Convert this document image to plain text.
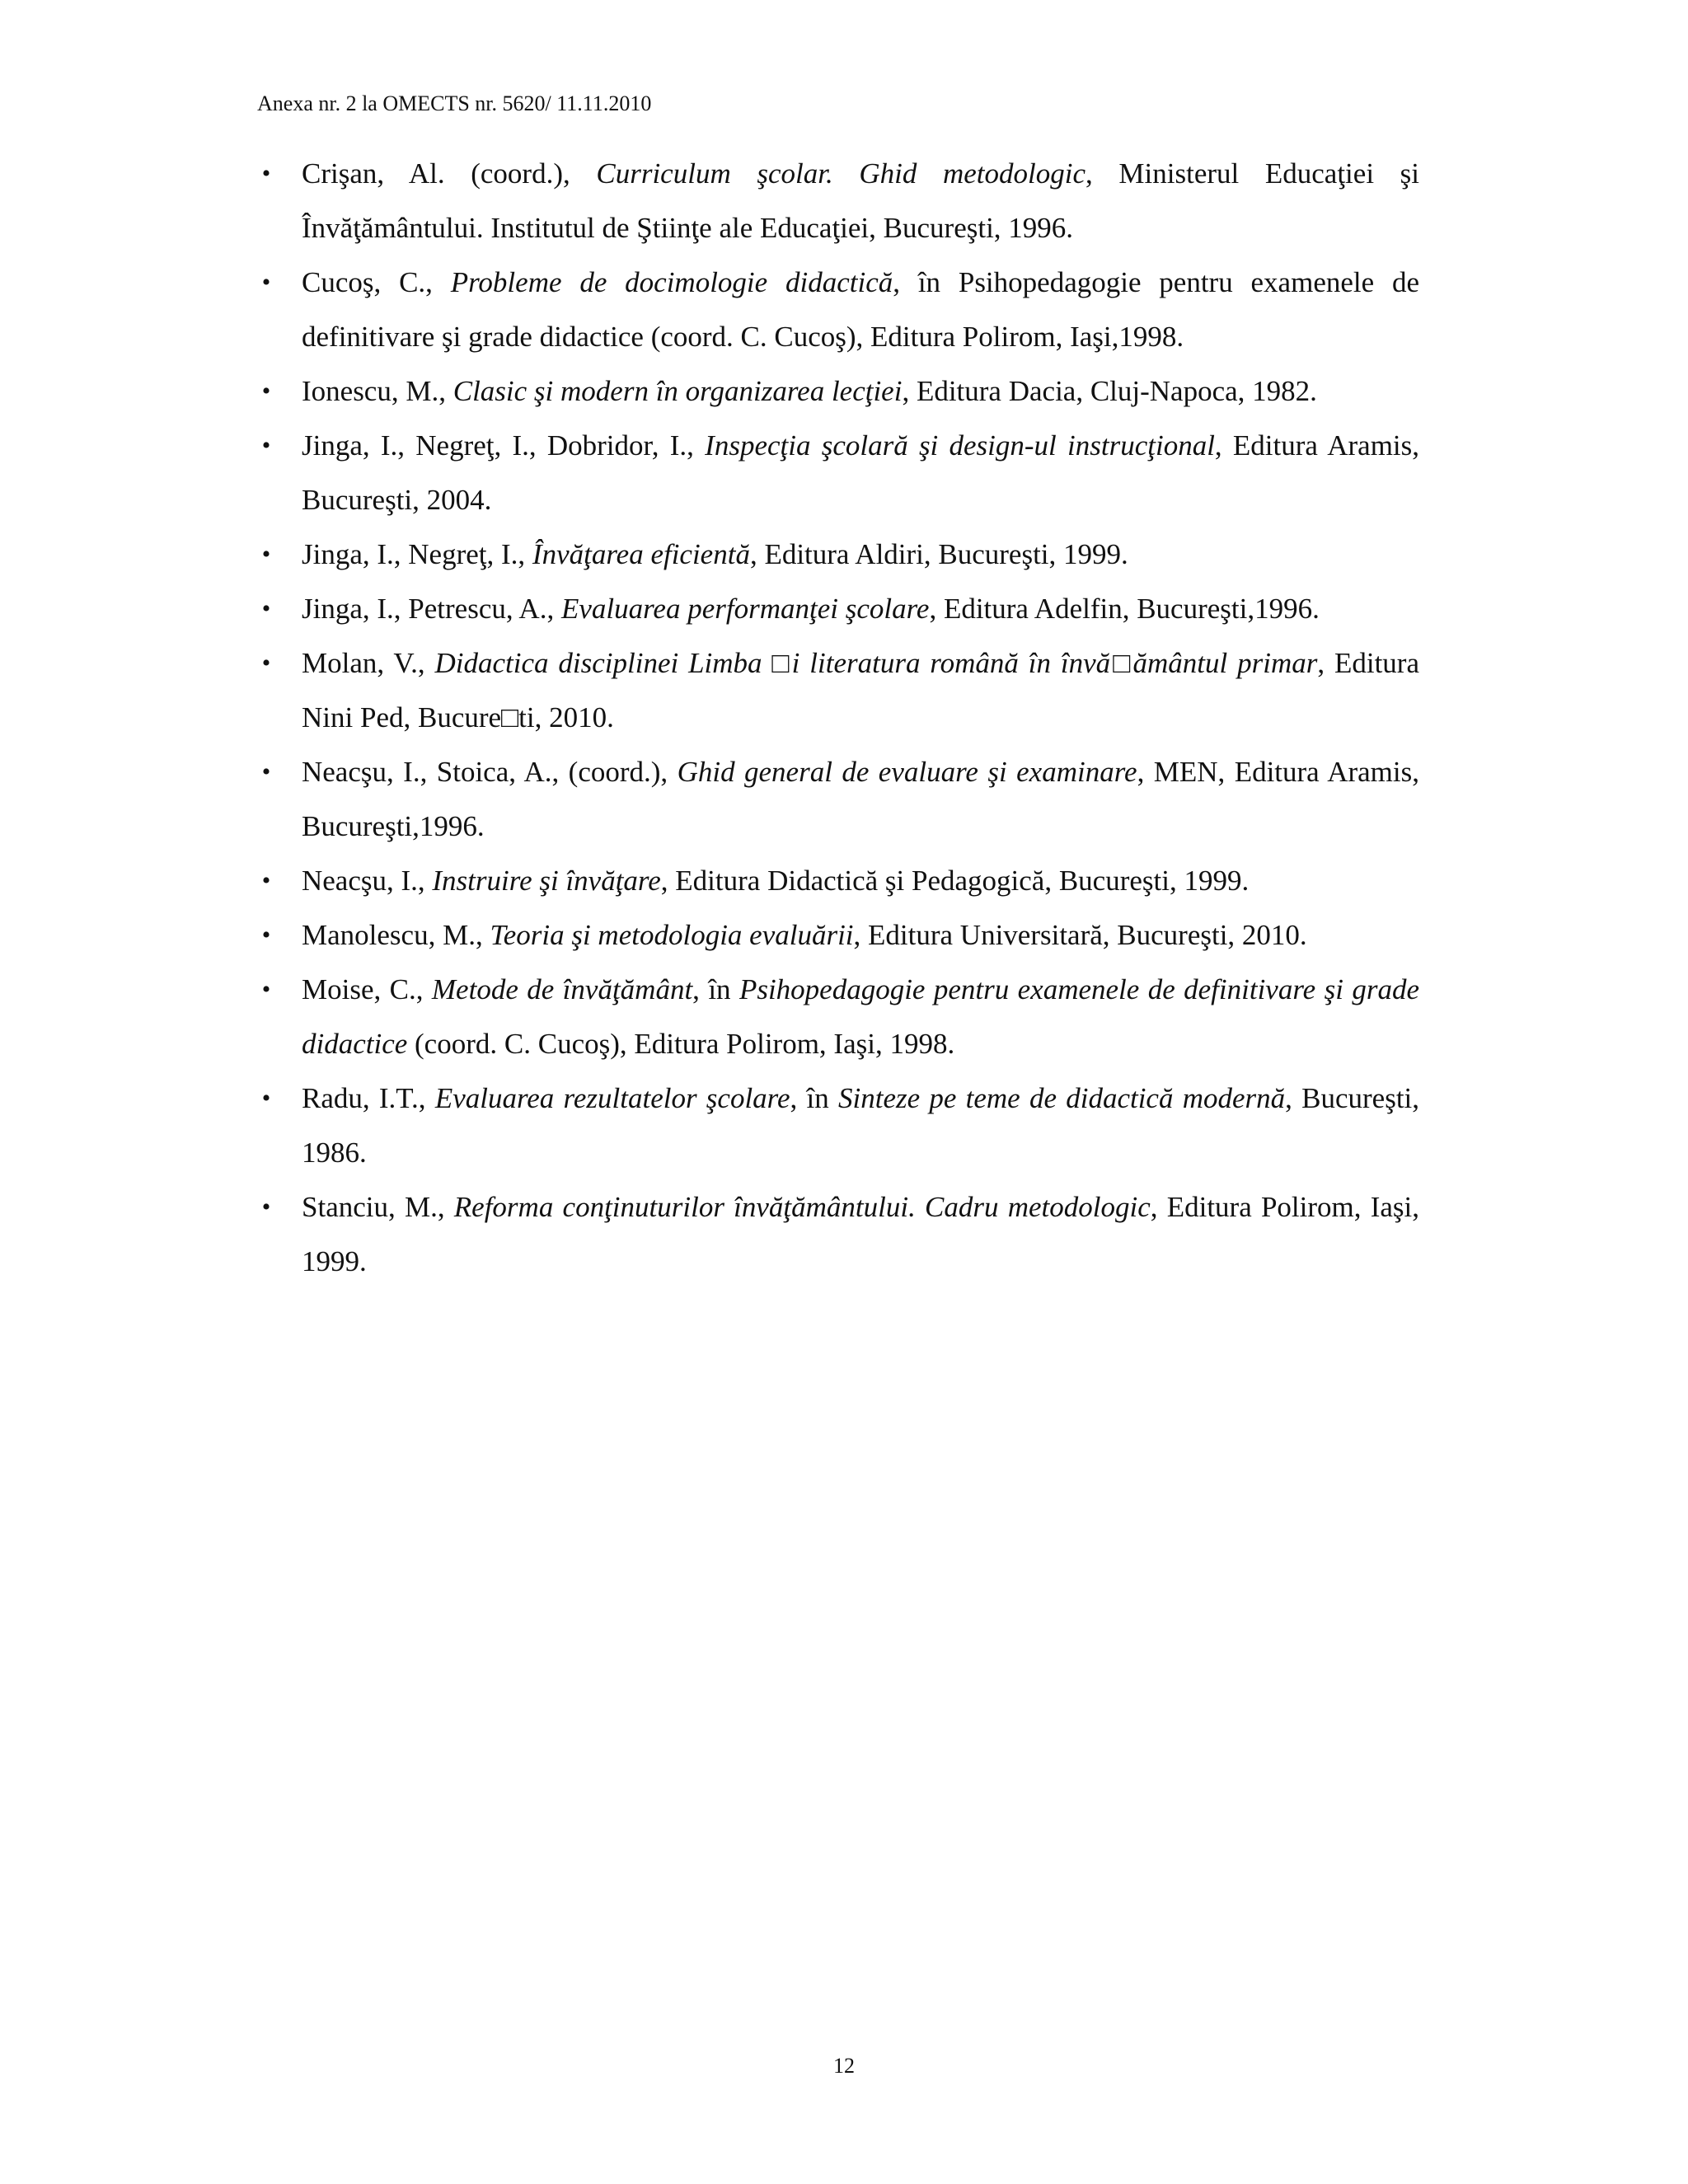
Anexa nr. 2 la OMECTS nr. 5620/ 11.11.2010
• Crişan, Al. (coord.), Curriculum şcolar. Ghid metodologic, Ministerul Educaţiei şi Învăţământului. Institutul de Ştiinţe ale Educaţiei, Bucureşti, 1996.
• Cucoş, C., Probleme de docimologie didactică, în Psihopedagogie pentru examenele de definitivare şi grade didactice (coord. C. Cucoş), Editura Polirom, Iaşi,1998.
• Ionescu, M., Clasic şi modern în organizarea lecţiei, Editura Dacia, Cluj-Napoca, 1982.
• Jinga, I., Negreţ, I., Dobridor, I., Inspecţia şcolară şi design-ul instrucţional, Editura Aramis, Bucureşti, 2004.
• Jinga, I., Negreţ, I., Învăţarea eficientă, Editura Aldiri, Bucureşti, 1999.
• Jinga, I., Petrescu, A., Evaluarea performanţei şcolare, Editura Adelfin, Bucureşti,1996.
• Molan, V., Didactica disciplinei Limba □i literatura română în învă□ământul primar, Editura Nini Ped, Bucure□ti, 2010.
• Neacşu, I., Stoica, A., (coord.), Ghid general de evaluare şi examinare, MEN, Editura Aramis, Bucureşti,1996.
• Neacşu, I., Instruire şi învăţare, Editura Didactică şi Pedagogică, Bucureşti, 1999.
• Manolescu, M., Teoria şi metodologia evaluării, Editura Universitară, Bucureşti, 2010.
• Moise, C., Metode de învăţământ, în Psihopedagogie pentru examenele de definitivare şi grade didactice (coord. C. Cucoş), Editura Polirom, Iaşi, 1998.
• Radu, I.T., Evaluarea rezultatelor şcolare, în Sinteze pe teme de didactică modernă, Bucureşti, 1986.
• Stanciu, M., Reforma conţinuturilor învăţământului. Cadru metodologic, Editura Polirom, Iaşi, 1999.
12
